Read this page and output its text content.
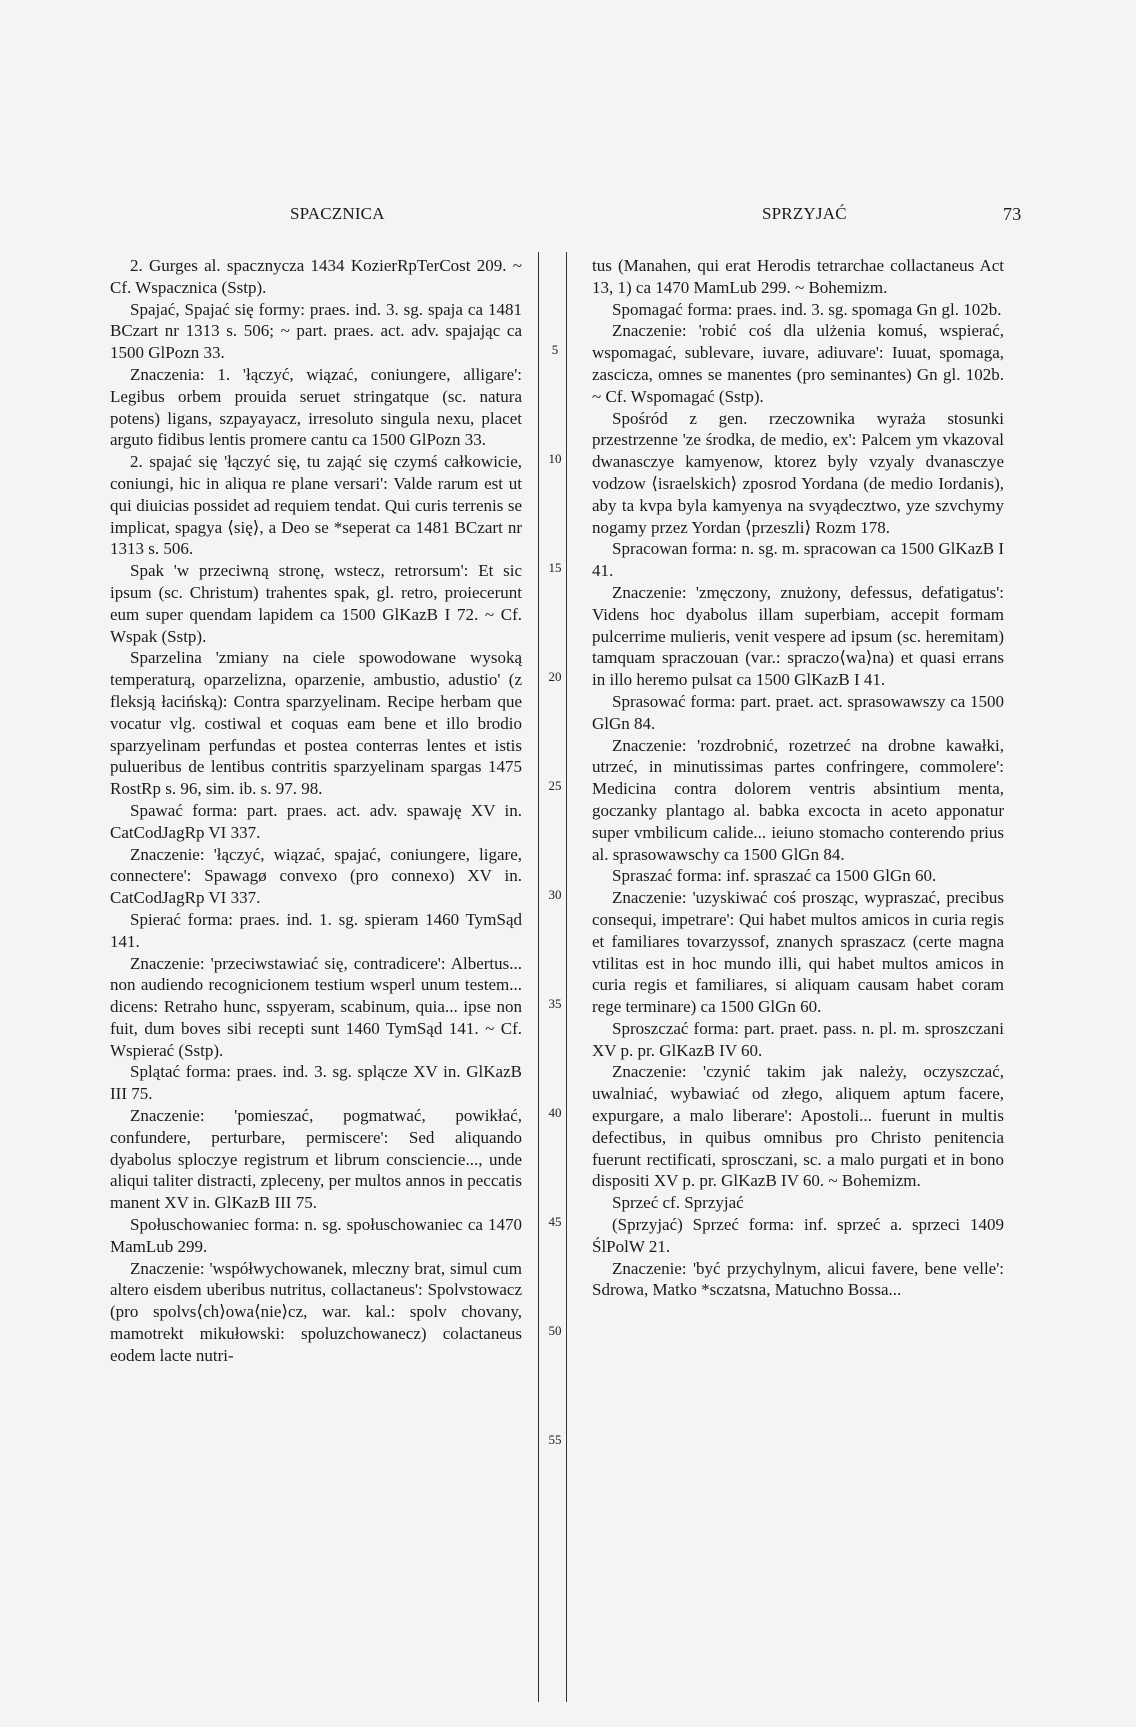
SPACZNICA	SPRZYJAĆ	73

2. Gurges al. spacznycza 1434 KozierRpTerCost 209. ~ Cf. Wspacznica (Sstp).

Spajać, Spajać się formy: praes. ind. 3. sg. spaja ca 1481 BCzart nr 1313 s. 506; ~ part. praes. act. adv. spajając ca 1500 GlPozn 33.

Znaczenia: 1. 'łączyć, wiązać, coniungere, alligare': Legibus orbem prouida seruet stringatque (sc. natura potens) ligans, szpayayacz, irresoluto singula nexu, placet arguto fidibus lentis promere cantu ca 1500 GlPozn 33.

2. spajać się 'łączyć się, tu zająć się czymś całkowicie, coniungi, hic in aliqua re plane versari': Valde rarum est ut qui diuicias possidet ad requiem tendat. Qui curis terrenis se implicat, spagya ⟨się⟩, a Deo se *seperat ca 1481 BCzart nr 1313 s. 506.

Spak 'w przeciwną stronę, wstecz, retrorsum': Et sic ipsum (sc. Christum) trahentes spak, gl. retro, proiecerunt eum super quendam lapidem ca 1500 GlKazB I 72. ~ Cf. Wspak (Sstp).

Sparzelina 'zmiany na ciele spowodowane wysoką temperaturą, oparzelizna, oparzenie, ambustio, adustio' (z fleksją łacińską): Contra sparzyelinam. Recipe herbam que vocatur vlg. costiwal et coquas eam bene et illo brodio sparzyelinam perfundas et postea conterras lentes et istis pulueribus de lentibus contritis sparzyelinam spargas 1475 RostRp s. 96, sim. ib. s. 97. 98.

Spawać forma: part. praes. act. adv. spawaję XV in. CatCodJagRp VI 337.

Znaczenie: 'łączyć, wiązać, spajać, coniungere, ligare, connectere': Spawagø convexo (pro connexo) XV in. CatCodJagRp VI 337.

Spierać forma: praes. ind. 1. sg. spieram 1460 TymSąd 141.

Znaczenie: 'przeciwstawiać się, contradicere': Albertus... non audiendo recognicionem testium wsperl unum testem... dicens: Retraho hunc, sspyeram, scabinum, quia... ipse non fuit, dum boves sibi recepti sunt 1460 TymSąd 141. ~ Cf. Wspierać (Sstp).

Splątać forma: praes. ind. 3. sg. splącze XV in. GlKazB III 75.

Znaczenie: 'pomieszać, pogmatwać, powikłać, confundere, perturbare, permiscere': Sed aliquando dyabolus sploczye registrum et librum consciencie..., unde aliqui taliter distracti, zpleceny, per multos annos in peccatis manent XV in. GlKazB III 75.

Społuschowaniec forma: n. sg. społuschowaniec ca 1470 MamLub 299.

Znaczenie: 'współwychowanek, mleczny brat, simul cum altero eisdem uberibus nutritus, collactaneus': Spolvstowacz (pro spolvs⟨ch⟩owa⟨nie⟩cz, war. kal.: spolv chovany, mamotrekt mikułowski: spoluzchowanecz) colactaneus eodem lacte nutri-

5
10
15
20
25
30
35
40
45
50
55

tus (Manahen, qui erat Herodis tetrarchae collactaneus Act 13, 1) ca 1470 MamLub 299. ~ Bohemizm.

Spomagać forma: praes. ind. 3. sg. spomaga Gn gl. 102b.

Znaczenie: 'robić coś dla ulżenia komuś, wspierać, wspomagać, sublevare, iuvare, adiuvare': Iuuat, spomaga, zascicza, omnes se manentes (pro seminantes) Gn gl. 102b. ~ Cf. Wspomagać (Sstp).

Spośród z gen. rzeczownika wyraża stosunki przestrzenne 'ze środka, de medio, ex': Palcem ym vkazoval dwanasczye kamyenow, ktorez byly vzyaly dvanasczye vodzow ⟨israelskich⟩ zposrod Yordana (de medio Iordanis), aby ta kvpa byla kamyenya na svyądecztwo, yze szvchymy nogamy przez Yordan ⟨przeszli⟩ Rozm 178.

Spracowan forma: n. sg. m. spracowan ca 1500 GlKazB I 41.

Znaczenie: 'zmęczony, znużony, defessus, defatigatus': Videns hoc dyabolus illam superbiam, accepit formam pulcerrime mulieris, venit vespere ad ipsum (sc. heremitam) tamquam spraczouan (var.: spraczo⟨wa⟩na) et quasi errans in illo heremo pulsat ca 1500 GlKazB I 41.

Sprasować forma: part. praet. act. sprasowawszy ca 1500 GlGn 84.

Znaczenie: 'rozdrobnić, rozetrzeć na drobne kawałki, utrzeć, in minutissimas partes confringere, commolere': Medicina contra dolorem ventris absintium menta, goczanky plantago al. babka excocta in aceto apponatur super vmbilicum calide... ieiuno stomacho conterendo prius al. sprasowawschy ca 1500 GlGn 84.

Spraszać forma: inf. spraszać ca 1500 GlGn 60.

Znaczenie: 'uzyskiwać coś prosząc, wypraszać, precibus consequi, impetrare': Qui habet multos amicos in curia regis et familiares tovarzyssof, znanych spraszacz (certe magna vtilitas est in hoc mundo illi, qui habet multos amicos in curia regis et familiares, si aliquam causam habet coram rege terminare) ca 1500 GlGn 60.

Sproszczać forma: part. praet. pass. n. pl. m. sproszczani XV p. pr. GlKazB IV 60.

Znaczenie: 'czynić takim jak należy, oczyszczać, uwalniać, wybawiać od złego, aliquem aptum facere, expurgare, a malo liberare': Apostoli... fuerunt in multis defectibus, in quibus omnibus pro Christo penitencia fuerunt rectificati, sprosczani, sc. a malo purgati et in bono dispositi XV p. pr. GlKazB IV 60. ~ Bohemizm.

Sprzeć cf. Sprzyjać

(Sprzyjać) Sprzeć forma: inf. sprzeć a. sprzeci 1409 ŚlPolW 21.

Znaczenie: 'być przychylnym, alicui favere, bene velle': Sdrowa, Matko *sczatsna, Matuchno Bossa...
